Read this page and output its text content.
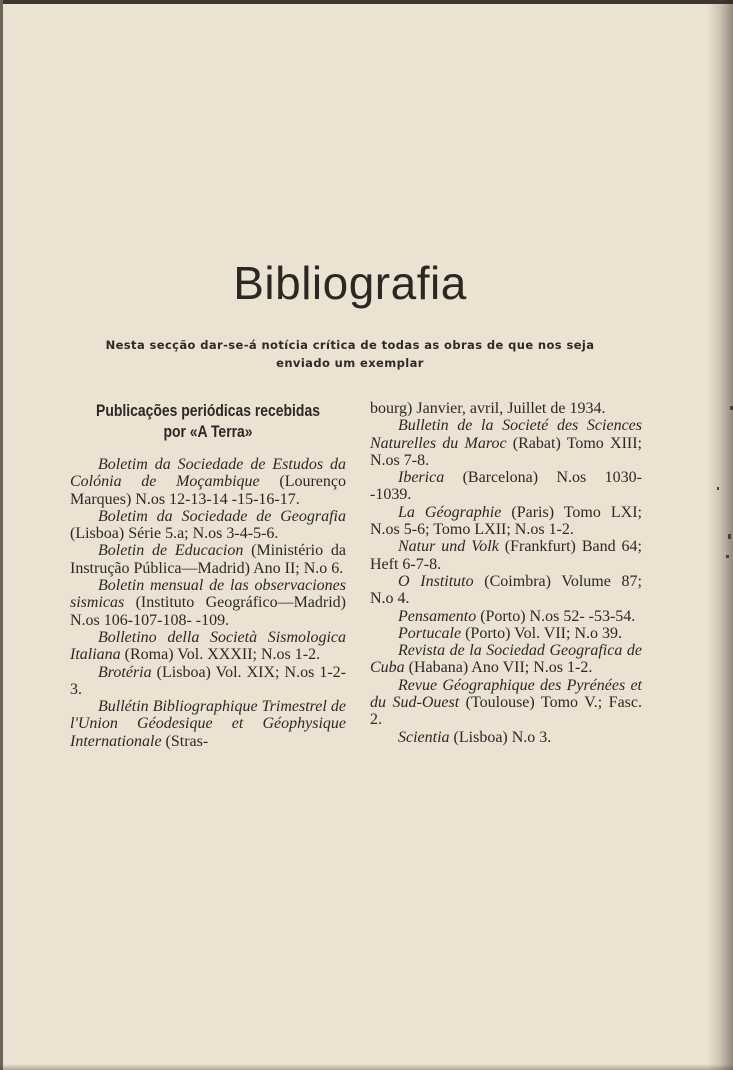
Bibliografia
Nesta secção dar-se-á notícia crítica de todas as obras de que nos seja
enviado um exemplar
Publicações periódicas recebidas
por «A Terra»

Boletim da Sociedade de Estudos da Colónia de Moçambique (Lourenço Marques) N.os 12-13-14 -15-16-17.

Boletim da Sociedade de Geografia (Lisboa) Série 5.a; N.os 3-4-5-6.

Boletin de Educacion (Ministério da Instrução Pública—Madrid) Ano II; N.o 6.

Boletin mensual de las observaciones sismicas (Instituto Geográfico—Madrid) N.os 106-107-108- -109.

Bolletino della Società Sismologica Italiana (Roma) Vol. XXXII; N.os 1-2.

Brotéria (Lisboa) Vol. XIX; N.os 1-2-3.

Bullétin Bibliographique Trimestrel de l'Union Géodesique et Géophysique Internationale (Stras-

bourg) Janvier, avril, Juillet de 1934.

Bulletin de la Societé des Sciences Naturelles du Maroc (Rabat) Tomo XIII; N.os 7-8.

Iberica (Barcelona) N.os 1030- -1039.

La Géographie (Paris) Tomo LXI; N.os 5-6; Tomo LXII; N.os 1-2.

Natur und Volk (Frankfurt) Band 64; Heft 6-7-8.

O Instituto (Coimbra) Volume 87; N.o 4.

Pensamento (Porto) N.os 52- -53-54.

Portucale (Porto) Vol. VII; N.o 39.

Revista de la Sociedad Geografica de Cuba (Habana) Ano VII; N.os 1-2.

Revue Géographique des Pyrénées et du Sud-Ouest (Toulouse) Tomo V.; Fasc. 2.

Scientia (Lisboa) N.o 3.
